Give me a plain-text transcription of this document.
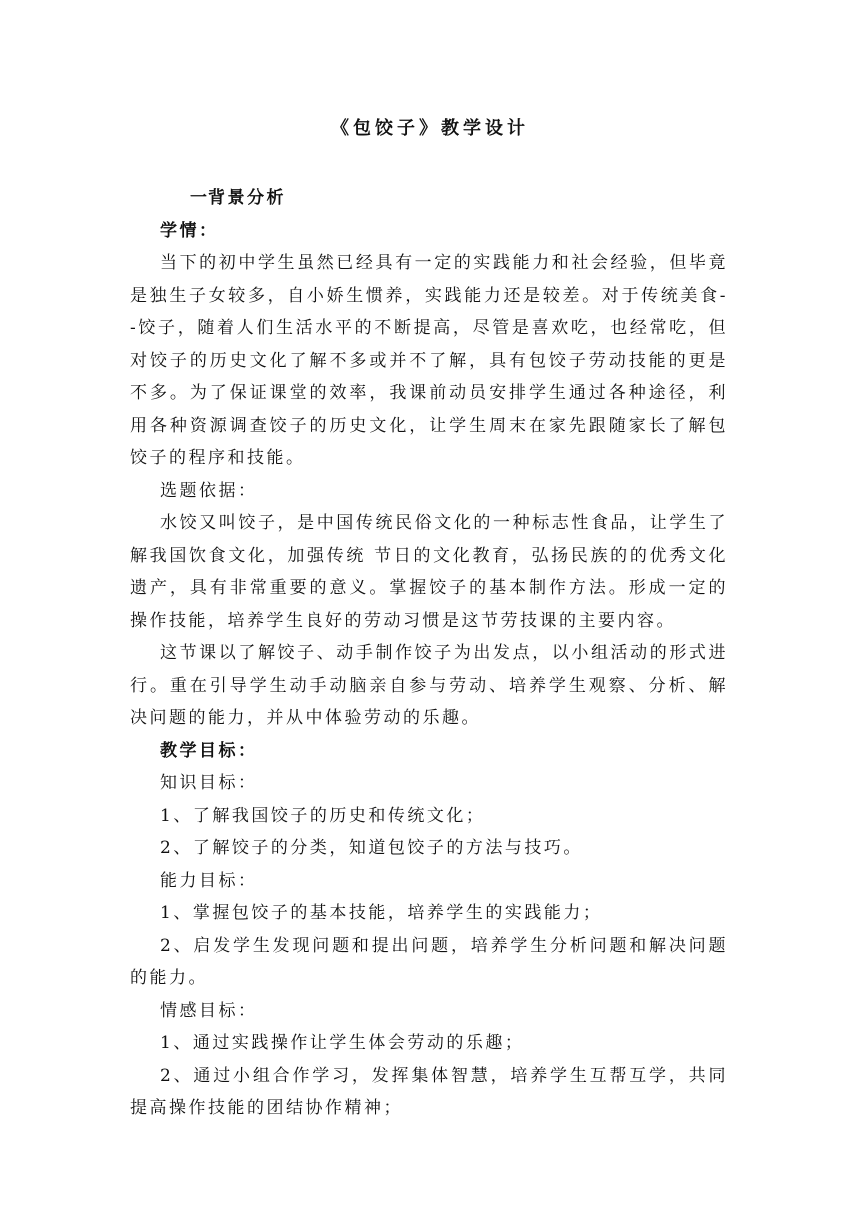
《包饺子》教学设计

一背景分析

学情：

当下的初中学生虽然已经具有一定的实践能力和社会经验，但毕竟是独生子女较多，自小娇生惯养，实践能力还是较差。对于传统美食--饺子，随着人们生活水平的不断提高，尽管是喜欢吃，也经常吃，但对饺子的历史文化了解不多或并不了解，具有包饺子劳动技能的更是不多。为了保证课堂的效率，我课前动员安排学生通过各种途径，利用各种资源调查饺子的历史文化，让学生周末在家先跟随家长了解包饺子的程序和技能。

选题依据：

水饺又叫饺子，是中国传统民俗文化的一种标志性食品，让学生了解我国饮食文化，加强传统 节日的文化教育，弘扬民族的的优秀文化遗产，具有非常重要的意义。掌握饺子的基本制作方法。形成一定的操作技能，培养学生良好的劳动习惯是这节劳技课的主要内容。

这节课以了解饺子、动手制作饺子为出发点，以小组活动的形式进行。重在引导学生动手动脑亲自参与劳动、培养学生观察、分析、解决问题的能力，并从中体验劳动的乐趣。

教学目标：

知识目标：

1、了解我国饺子的历史和传统文化；

2、了解饺子的分类，知道包饺子的方法与技巧。

能力目标：

1、掌握包饺子的基本技能，培养学生的实践能力；

2、启发学生发现问题和提出问题，培养学生分析问题和解决问题的能力。

情感目标：

1、通过实践操作让学生体会劳动的乐趣；

2、通过小组合作学习，发挥集体智慧，培养学生互帮互学，共同提高操作技能的团结协作精神；
